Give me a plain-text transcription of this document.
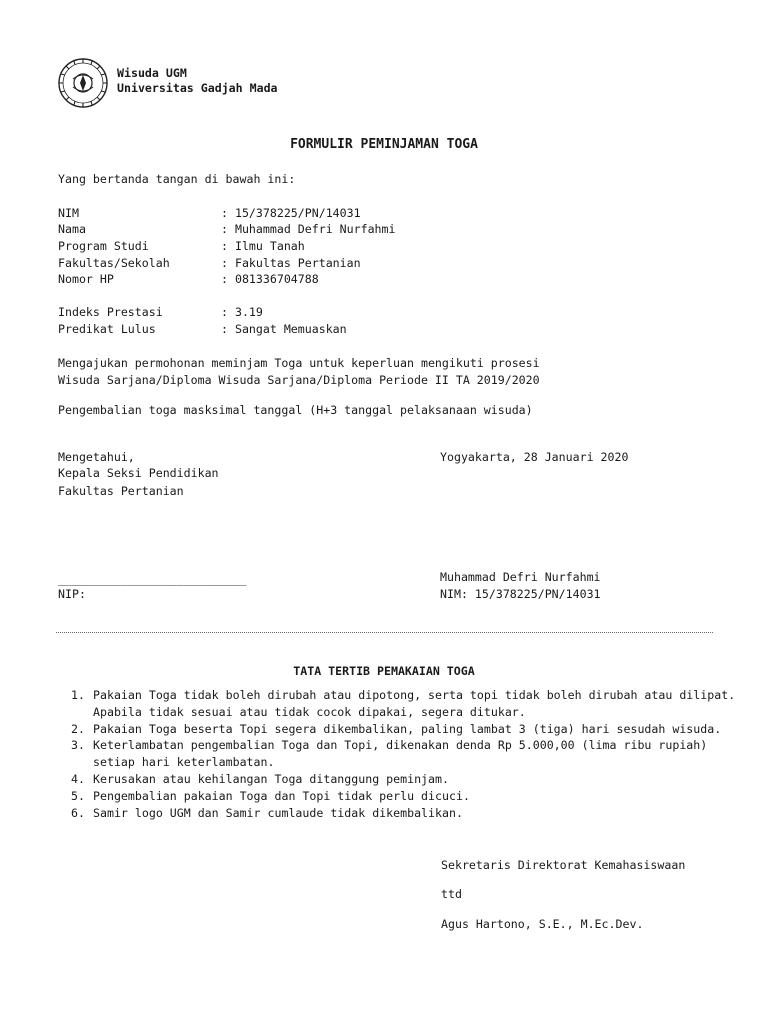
Wisuda UGM
Universitas Gadjah Mada
FORMULIR PEMINJAMAN TOGA
Yang bertanda tangan di bawah ini:
NIM	: 15/378225/PN/14031
Nama	: Muhammad Defri Nurfahmi
Program Studi	: Ilmu Tanah
Fakultas/Sekolah	: Fakultas Pertanian
Nomor HP	: 081336704788
Indeks Prestasi	: 3.19
Predikat Lulus	: Sangat Memuaskan
Mengajukan permohonan meminjam Toga untuk keperluan mengikuti prosesi
Wisuda Sarjana/Diploma Wisuda Sarjana/Diploma Periode II TA 2019/2020
Pengembalian toga masksimal tanggal (H+3 tanggal pelaksanaan wisuda)
Mengetahui,
Kepala Seksi Pendidikan
Fakultas Pertanian
___________________________
NIP:
Yogyakarta, 28 Januari 2020
Muhammad Defri Nurfahmi
NIM: 15/378225/PN/14031
TATA TERTIB PEMAKAIAN TOGA
1. Pakaian Toga tidak boleh dirubah atau dipotong, serta topi tidak boleh dirubah atau dilipat. Apabila tidak sesuai atau tidak cocok dipakai, segera ditukar.
2. Pakaian Toga beserta Topi segera dikembalikan, paling lambat 3 (tiga) hari sesudah wisuda.
3. Keterlambatan pengembalian Toga dan Topi, dikenakan denda Rp 5.000,00 (lima ribu rupiah) setiap hari keterlambatan.
4. Kerusakan atau kehilangan Toga ditanggung peminjam.
5. Pengembalian pakaian Toga dan Topi tidak perlu dicuci.
6. Samir logo UGM dan Samir cumlaude tidak dikembalikan.
Sekretaris Direktorat Kemahasiswaan
ttd
Agus Hartono, S.E., M.Ec.Dev.
